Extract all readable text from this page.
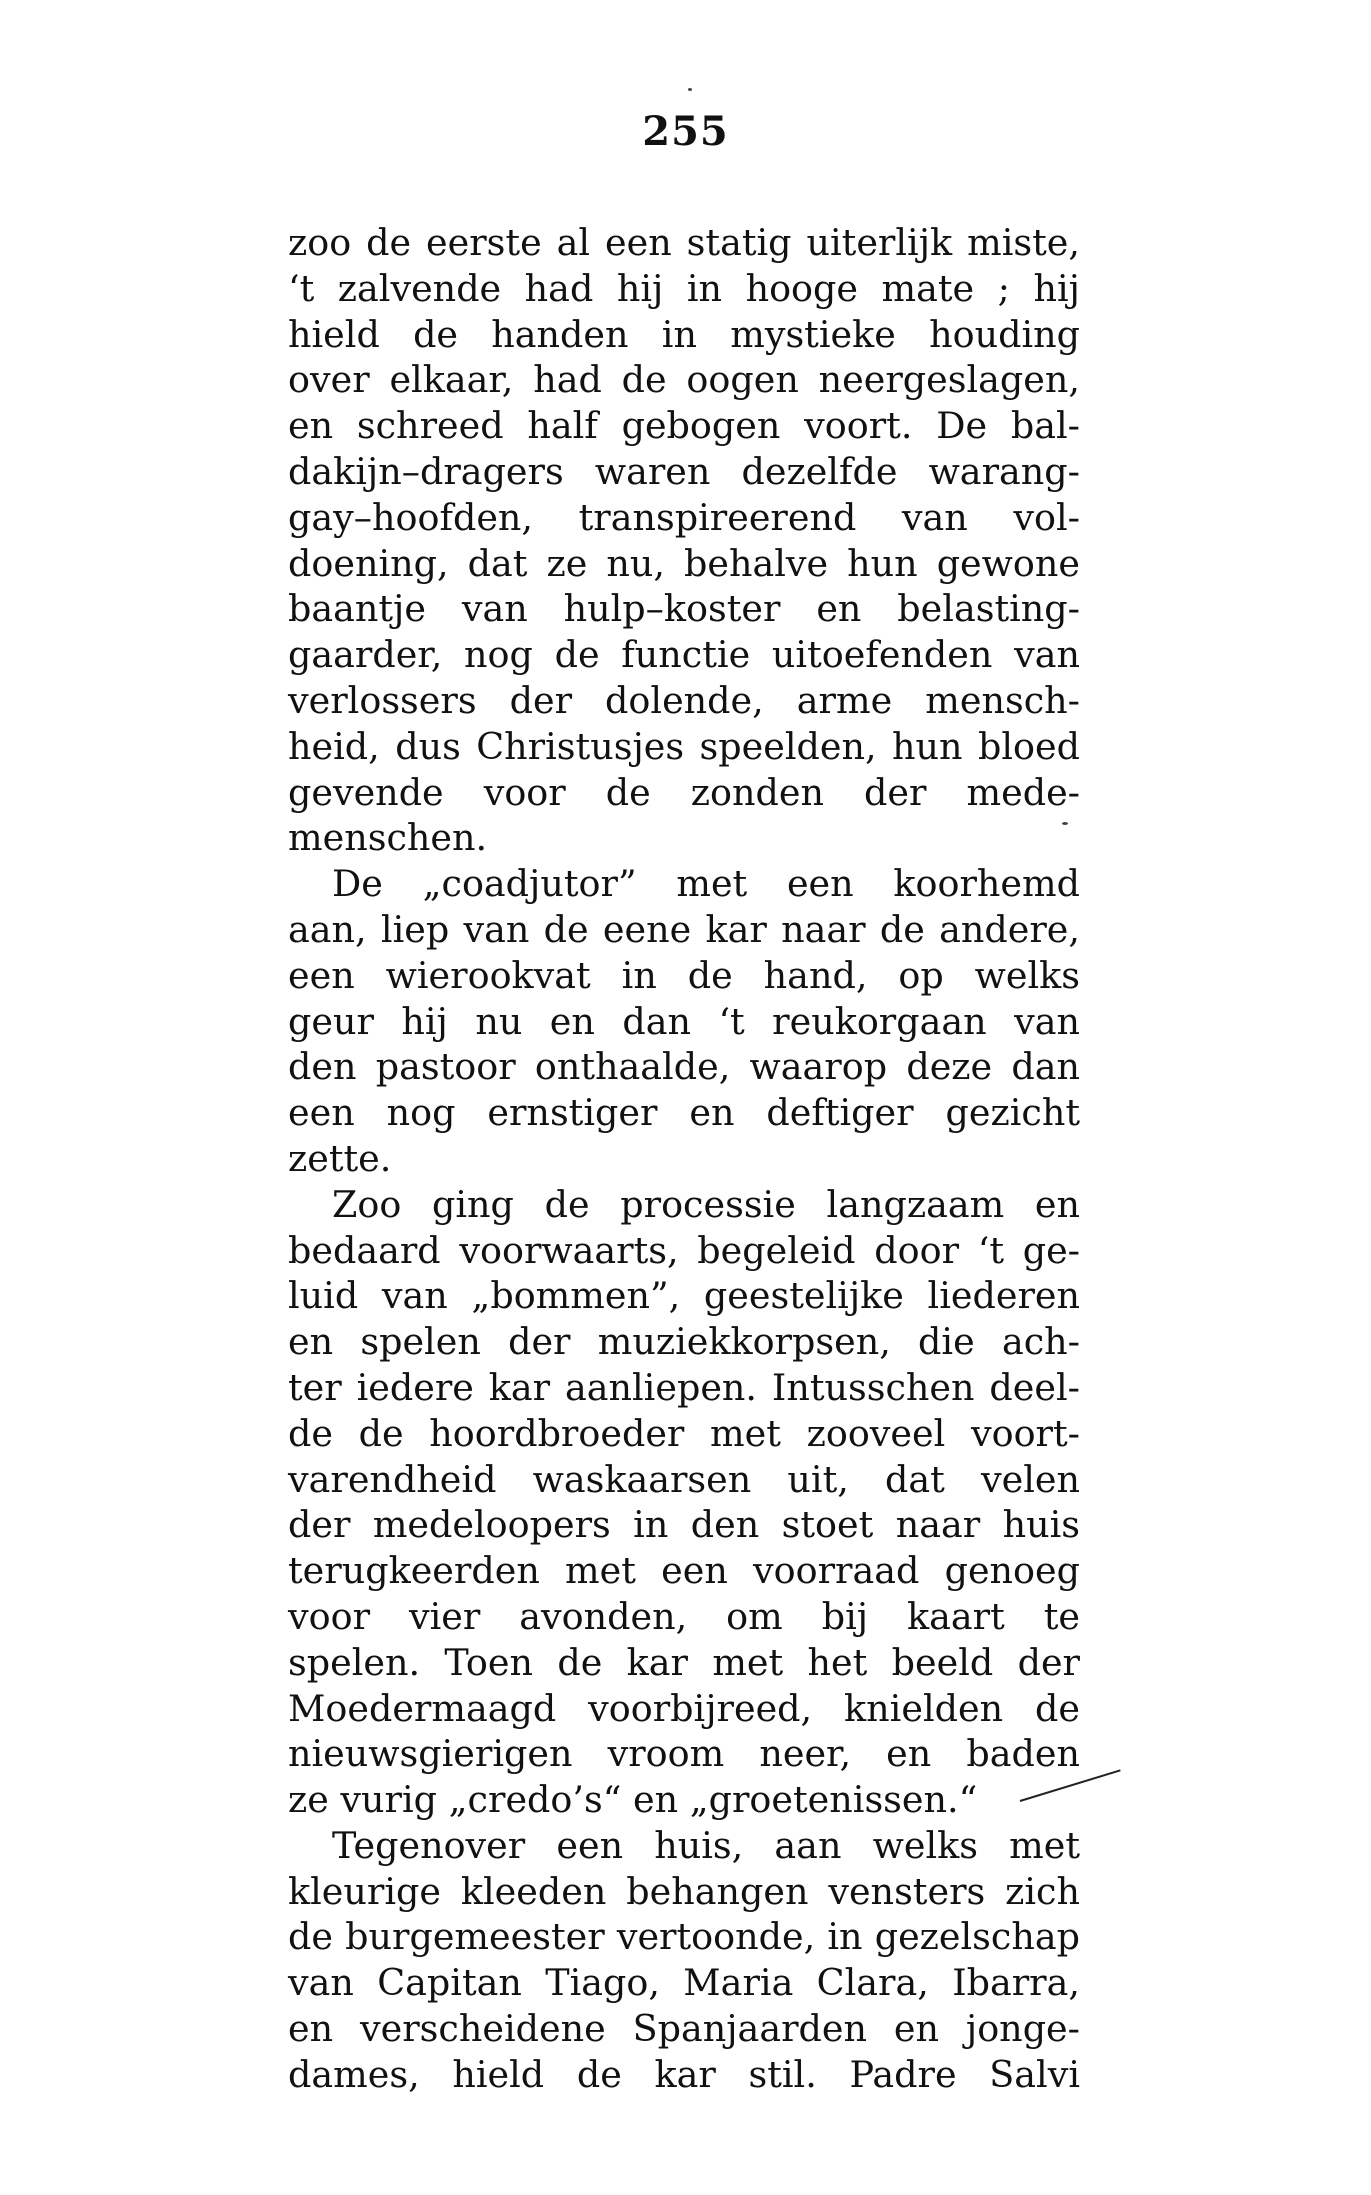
255
zoo de eerste al een statig uiterlijk miste,
‘t zalvende had hij in hooge mate ; hij
hield de handen in mystieke houding
over elkaar, had de oogen neergeslagen,
en schreed half gebogen voort. De bal-
dakijn–dragers waren dezelfde warang-
gay–hoofden, transpireerend van vol-
doening, dat ze nu, behalve hun gewone
baantje van hulp–koster en belasting-
gaarder, nog de functie uitoefenden van
verlossers der dolende, arme mensch-
heid, dus Christusjes speelden, hun bloed
gevende voor de zonden der mede-
menschen.
De „coadjutor” met een koorhemd
aan, liep van de eene kar naar de andere,
een wierookvat in de hand, op welks
geur hij nu en dan ‘t reukorgaan van
den pastoor onthaalde, waarop deze dan
een nog ernstiger en deftiger gezicht
zette.
Zoo ging de processie langzaam en
bedaard voorwaarts, begeleid door ‘t ge-
luid van „bommen”, geestelijke liederen
en spelen der muziekkorpsen, die ach-
ter iedere kar aanliepen. Intusschen deel-
de de hoordbroeder met zooveel voort-
varendheid waskaarsen uit, dat velen
der medeloopers in den stoet naar huis
terugkeerden met een voorraad genoeg
voor vier avonden, om bij kaart te
spelen. Toen de kar met het beeld der
Moedermaagd voorbijreed, knielden de
nieuwsgierigen vroom neer, en baden
ze vurig „credo’s“ en „groetenissen.“
Tegenover een huis, aan welks met
kleurige kleeden behangen vensters zich
de burgemeester vertoonde, in gezelschap
van Capitan Tiago, Maria Clara, Ibarra,
en verscheidene Spanjaarden en jonge-
dames, hield de kar stil. Padre Salvi
